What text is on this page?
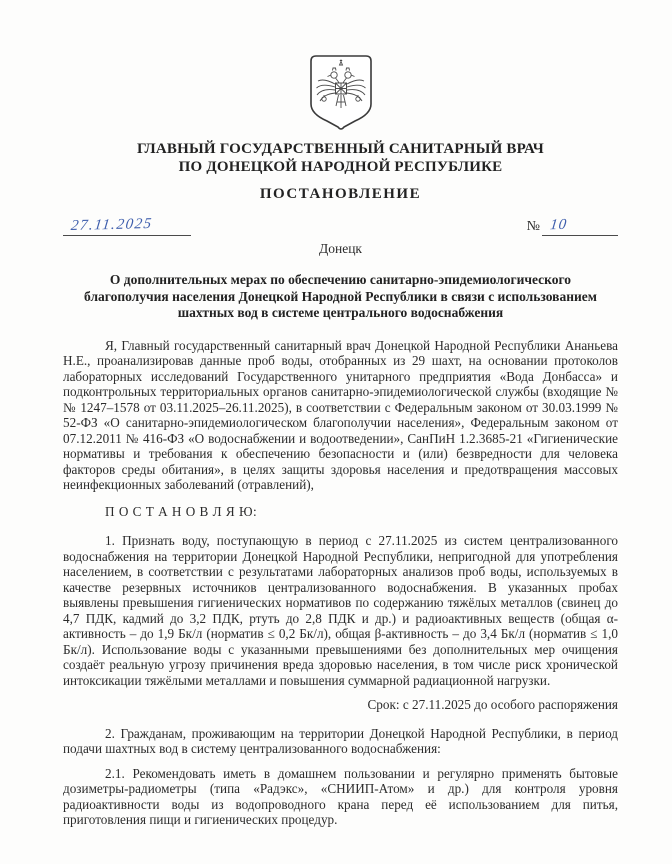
ГЛАВНЫЙ ГОСУДАРСТВЕННЫЙ САНИТАРНЫЙ ВРАЧ
ПО ДОНЕЦКОЙ НАРОДНОЙ РЕСПУБЛИКЕ
ПОСТАНОВЛЕНИЕ
27.11.2025	№ 10
Донецк
О дополнительных мерах по обеспечению санитарно-эпидемиологического благополучия населения Донецкой Народной Республики в связи с использованием шахтных вод в системе центрального водоснабжения

Я, Главный государственный санитарный врач Донецкой Народной Республики Ананьева Н.Е., проанализировав данные проб воды, отобранных из 29 шахт, на основании протоколов лабораторных исследований Государственного унитарного предприятия «Вода Донбасса» и подконтрольных территориальных органов санитарно-эпидемиологической службы (входящие №№ 1247–1578 от 03.11.2025–26.11.2025), в соответствии с Федеральным законом от 30.03.1999 № 52-ФЗ «О санитарно-эпидемиологическом благополучии населения», Федеральным законом от 07.12.2011 № 416-ФЗ «О водоснабжении и водоотведении», СанПиН 1.2.3685-21 «Гигиенические нормативы и требования к обеспечению безопасности и (или) безвредности для человека факторов среды обитания», в целях защиты здоровья населения и предотвращения массовых неинфекционных заболеваний (отравлений),

П О С Т А Н О В Л Я Ю:

1. Признать воду, поступающую в период с 27.11.2025 из систем централизованного водоснабжения на территории Донецкой Народной Республики, непригодной для употребления населением, в соответствии с результатами лабораторных анализов проб воды, используемых в качестве резервных источников централизованного водоснабжения. В указанных пробах выявлены превышения гигиенических нормативов по содержанию тяжёлых металлов (свинец до 4,7 ПДК, кадмий до 3,2 ПДК, ртуть до 2,8 ПДК и др.) и радиоактивных веществ (общая α-активность – до 1,9 Бк/л (норматив ≤ 0,2 Бк/л), общая β-активность – до 3,4 Бк/л (норматив ≤ 1,0 Бк/л). Использование воды с указанными превышениями без дополнительных мер очищения создаёт реальную угрозу причинения вреда здоровью населения, в том числе риск хронической интоксикации тяжёлыми металлами и повышения суммарной радиационной нагрузки.

Срок: с 27.11.2025 до особого распоряжения

2. Гражданам, проживающим на территории Донецкой Народной Республики, в период подачи шахтных вод в систему централизованного водоснабжения:

2.1. Рекомендовать иметь в домашнем пользовании и регулярно применять бытовые дозиметры-радиометры (типа «Радэкс», «СНИИП-Атом» и др.) для контроля уровня радиоактивности воды из водопроводного крана перед её использованием для питья, приготовления пищи и гигиенических процедур.
